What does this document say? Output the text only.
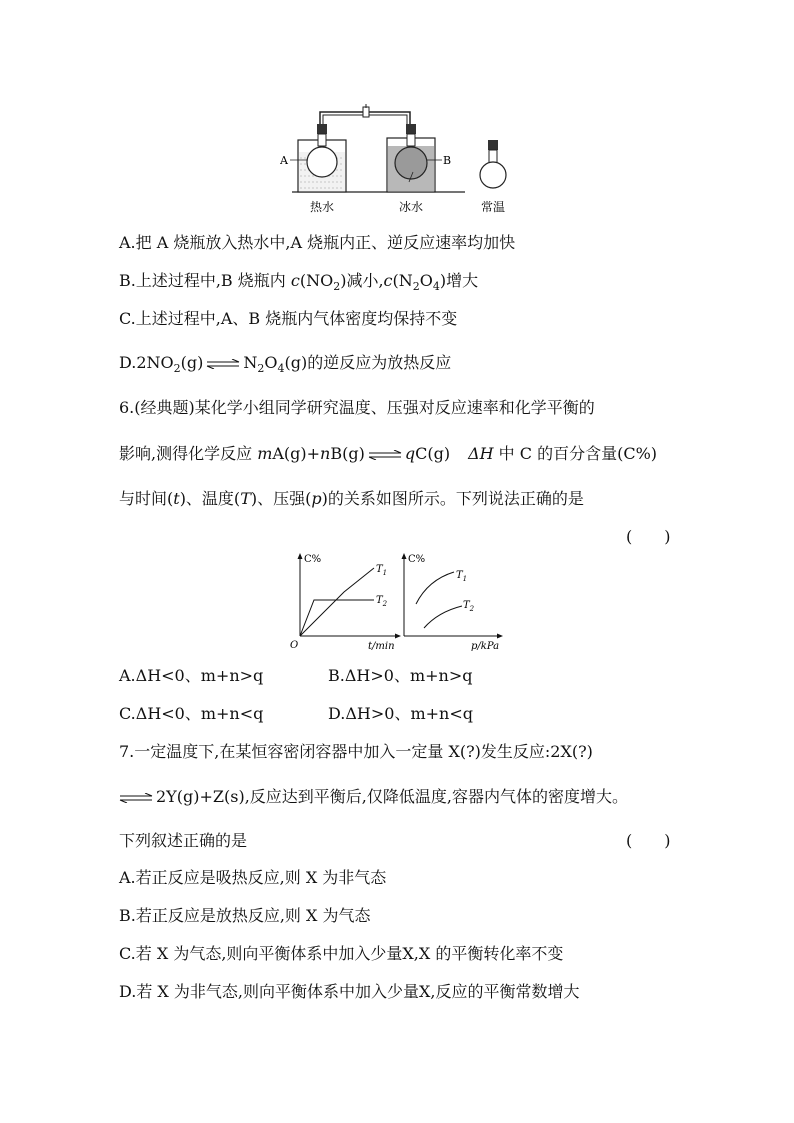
A	B
热水	冰水	常温
A.把 A 烧瓶放入热水中,A 烧瓶内正、逆反应速率均加快
B.上述过程中,B 烧瓶内 $c(NO_2)$减小$,c(N_2O_4)$增大
C.上述过程中,A、B 烧瓶内气体密度均保持不变
$D.2NO_2(g)$ ⇌ $N_2O_4(g)$的逆反应为放热反应
6.(经典题)某化学小组同学研究温度、压强对反应速率和化学平衡的
影响,测得化学反应 mA(g)+nB(g) ⇌ qC(g) ΔH 中 C 的百分含量(C%)
与时间(t)、温度(T)、压强(p)的关系如图所示。下列说法正确的是
(　　)
C%
O	t/min
$T_1$
$T_2$
C%
p/kPa
$T_1$
$T_2$
A.ΔH<0、m+n>q	B.ΔH>0、m+n>q
C.ΔH<0、m+n<q	D.ΔH>0、m+n<q
7.一定温度下,在某恒容密闭容器中加入一定量 X(?)发生反应:2X(?)
⇌ 2Y(g)+Z(s),反应达到平衡后,仅降低温度,容器内气体的密度增大。
下列叙述正确的是	(　　)
A.若正反应是吸热反应,则 X 为非气态
B.若正反应是放热反应,则 X 为气态
C.若 X 为气态,则向平衡体系中加入少量X,X 的平衡转化率不变
D.若 X 为非气态,则向平衡体系中加入少量X,反应的平衡常数增大
